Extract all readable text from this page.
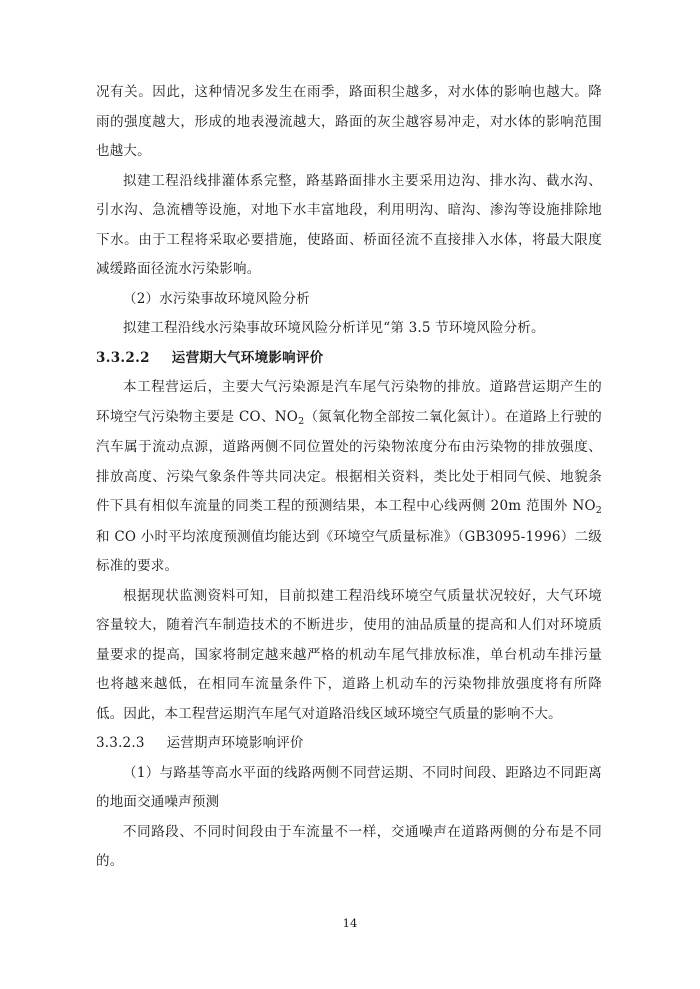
况有关。因此，这种情况多发生在雨季，路面积尘越多，对水体的影响也越大。降雨的强度越大，形成的地表漫流越大，路面的灰尘越容易冲走，对水体的影响范围也越大。

拟建工程沿线排灌体系完整，路基路面排水主要采用边沟、排水沟、截水沟、引水沟、急流槽等设施，对地下水丰富地段，利用明沟、暗沟、渗沟等设施排除地下水。由于工程将采取必要措施，使路面、桥面径流不直接排入水体，将最大限度减缓路面径流水污染影响。

（2）水污染事故环境风险分析

拟建工程沿线水污染事故环境风险分析详见“第 3.5 节环境风险分析。

3.3.2.2 运营期大气环境影响评价

本工程营运后，主要大气污染源是汽车尾气污染物的排放。道路营运期产生的环境空气污染物主要是 CO、$NO_2$（氮氧化物全部按二氧化氮计）。在道路上行驶的汽车属于流动点源，道路两侧不同位置处的污染物浓度分布由污染物的排放强度、排放高度、污染气象条件等共同决定。根据相关资料，类比处于相同气候、地貌条件下具有相似车流量的同类工程的预测结果，本工程中心线两侧 20m 范围外 $NO_2$ 和 CO 小时平均浓度预测值均能达到《环境空气质量标准》（GB3095-1996）二级标准的要求。

根据现状监测资料可知，目前拟建工程沿线环境空气质量状况较好，大气环境容量较大，随着汽车制造技术的不断进步，使用的油品质量的提高和人们对环境质量要求的提高，国家将制定越来越严格的机动车尾气排放标准，单台机动车排污量也将越来越低，在相同车流量条件下，道路上机动车的污染物排放强度将有所降低。因此，本工程营运期汽车尾气对道路沿线区域环境空气质量的影响不大。

3.3.2.3 运营期声环境影响评价

（1）与路基等高水平面的线路两侧不同营运期、不同时间段、距路边不同距离的地面交通噪声预测

不同路段、不同时间段由于车流量不一样，交通噪声在道路两侧的分布是不同的。

14
